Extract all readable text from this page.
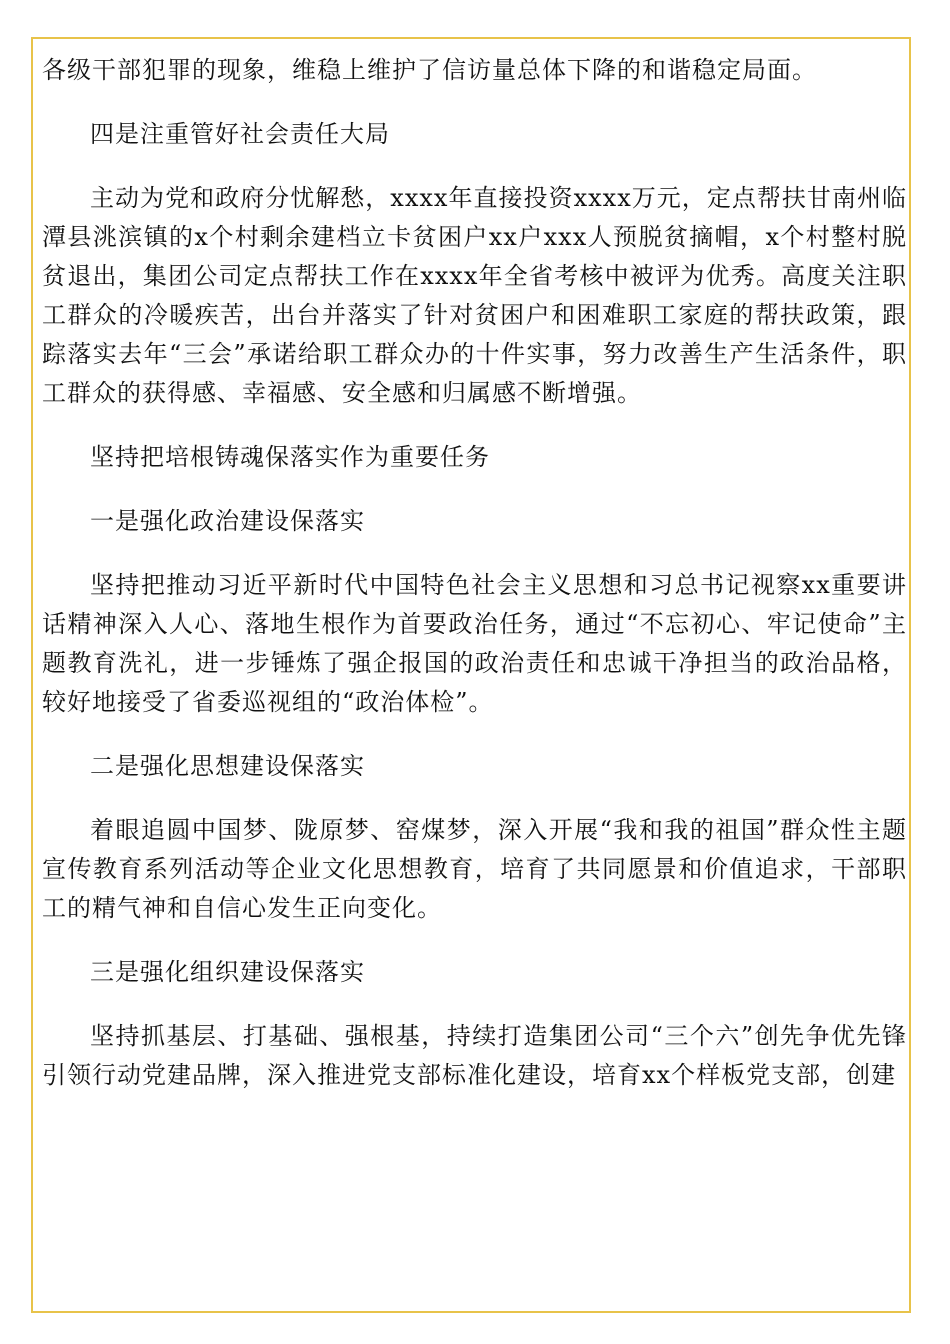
各级干部犯罪的现象，维稳上维护了信访量总体下降的和谐稳定局面。

四是注重管好社会责任大局

主动为党和政府分忧解愁，xxxx年直接投资xxxx万元，定点帮扶甘南州临潭县洮滨镇的x个村剩余建档立卡贫困户xx户xxx人预脱贫摘帽，x个村整村脱贫退出，集团公司定点帮扶工作在xxxx年全省考核中被评为优秀。高度关注职工群众的冷暖疾苦，出台并落实了针对贫困户和困难职工家庭的帮扶政策，跟踪落实去年“三会”承诺给职工群众办的十件实事，努力改善生产生活条件，职工群众的获得感、幸福感、安全感和归属感不断增强。

坚持把培根铸魂保落实作为重要任务

一是强化政治建设保落实

坚持把推动习近平新时代中国特色社会主义思想和习总书记视察xx重要讲话精神深入人心、落地生根作为首要政治任务，通过“不忘初心、牢记使命”主题教育洗礼，进一步锤炼了强企报国的政治责任和忠诚干净担当的政治品格，较好地接受了省委巡视组的“政治体检”。

二是强化思想建设保落实

着眼追圆中国梦、陇原梦、窑煤梦，深入开展“我和我的祖国”群众性主题宣传教育系列活动等企业文化思想教育，培育了共同愿景和价值追求，干部职工的精气神和自信心发生正向变化。

三是强化组织建设保落实

坚持抓基层、打基础、强根基，持续打造集团公司“三个六”创先争优先锋引领行动党建品牌，深入推进党支部标准化建设，培育xx个样板党支部，创建
